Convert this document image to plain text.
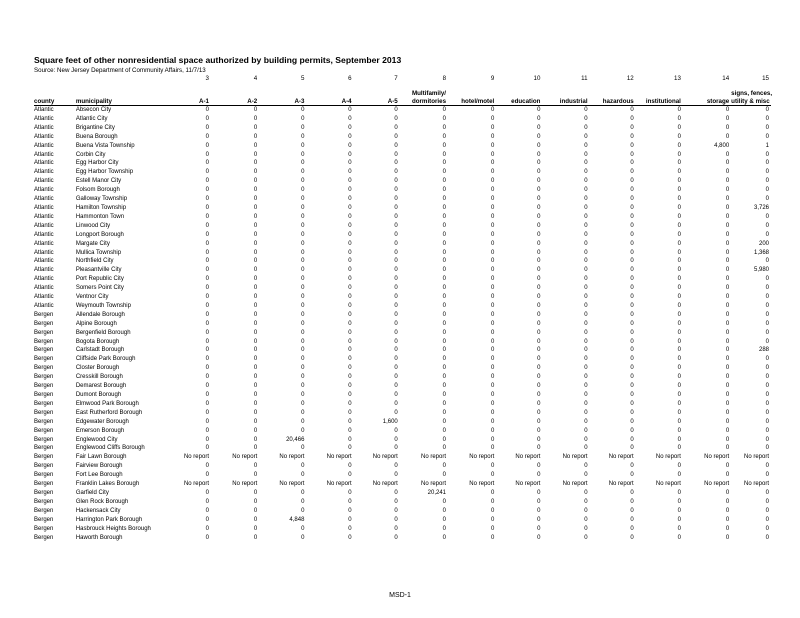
Square feet of other nonresidential space authorized by building permits, September 2013
Source: New Jersey Department of Community Affairs, 11/7/13
		3	4	5	6	7	8	9	10	11	12	13	14	15
							Multifamily/							signs, fences,
county	municipality	A-1	A-2	A-3	A-4	A-5	dormitories	hotel/motel	education	industrial	hazardous	institutional	storage	utility & misc
Atlantic	Absecon City	0	0	0	0	0	0	0	0	0	0	0	0	0
Atlantic	Atlantic City	0	0	0	0	0	0	0	0	0	0	0	0	0
Atlantic	Brigantine City	0	0	0	0	0	0	0	0	0	0	0	0	0
Atlantic	Buena Borough	0	0	0	0	0	0	0	0	0	0	0	0	0
Atlantic	Buena Vista Township	0	0	0	0	0	0	0	0	0	0	0	4,800	1
Atlantic	Corbin City	0	0	0	0	0	0	0	0	0	0	0	0	0
Atlantic	Egg Harbor City	0	0	0	0	0	0	0	0	0	0	0	0	0
Atlantic	Egg Harbor Township	0	0	0	0	0	0	0	0	0	0	0	0	0
Atlantic	Estell Manor City	0	0	0	0	0	0	0	0	0	0	0	0	0
Atlantic	Folsom Borough	0	0	0	0	0	0	0	0	0	0	0	0	0
Atlantic	Galloway Township	0	0	0	0	0	0	0	0	0	0	0	0	0
Atlantic	Hamilton Township	0	0	0	0	0	0	0	0	0	0	0	0	3,726
Atlantic	Hammonton Town	0	0	0	0	0	0	0	0	0	0	0	0	0
Atlantic	Linwood City	0	0	0	0	0	0	0	0	0	0	0	0	0
Atlantic	Longport Borough	0	0	0	0	0	0	0	0	0	0	0	0	0
Atlantic	Margate City	0	0	0	0	0	0	0	0	0	0	0	0	200
Atlantic	Mullica Township	0	0	0	0	0	0	0	0	0	0	0	0	1,368
Atlantic	Northfield City	0	0	0	0	0	0	0	0	0	0	0	0	0
Atlantic	Pleasantville City	0	0	0	0	0	0	0	0	0	0	0	0	5,980
Atlantic	Port Republic City	0	0	0	0	0	0	0	0	0	0	0	0	0
Atlantic	Somers Point City	0	0	0	0	0	0	0	0	0	0	0	0	0
Atlantic	Ventnor City	0	0	0	0	0	0	0	0	0	0	0	0	0
Atlantic	Weymouth Township	0	0	0	0	0	0	0	0	0	0	0	0	0
Bergen	Allendale Borough	0	0	0	0	0	0	0	0	0	0	0	0	0
Bergen	Alpine Borough	0	0	0	0	0	0	0	0	0	0	0	0	0
Bergen	Bergenfield Borough	0	0	0	0	0	0	0	0	0	0	0	0	0
Bergen	Bogota Borough	0	0	0	0	0	0	0	0	0	0	0	0	0
Bergen	Carlstadt Borough	0	0	0	0	0	0	0	0	0	0	0	0	288
Bergen	Cliffside Park Borough	0	0	0	0	0	0	0	0	0	0	0	0	0
Bergen	Closter Borough	0	0	0	0	0	0	0	0	0	0	0	0	0
Bergen	Cresskill Borough	0	0	0	0	0	0	0	0	0	0	0	0	0
Bergen	Demarest Borough	0	0	0	0	0	0	0	0	0	0	0	0	0
Bergen	Dumont Borough	0	0	0	0	0	0	0	0	0	0	0	0	0
Bergen	Elmwood Park Borough	0	0	0	0	0	0	0	0	0	0	0	0	0
Bergen	East Rutherford Borough	0	0	0	0	0	0	0	0	0	0	0	0	0
Bergen	Edgewater Borough	0	0	0	0	1,600	0	0	0	0	0	0	0	0
Bergen	Emerson Borough	0	0	0	0	0	0	0	0	0	0	0	0	0
Bergen	Englewood City	0	0	20,466	0	0	0	0	0	0	0	0	0	0
Bergen	Englewood Cliffs Borough	0	0	0	0	0	0	0	0	0	0	0	0	0
Bergen	Fair Lawn Borough	No report	No report	No report	No report	No report	No report	No report	No report	No report	No report	No report	No report	No report
Bergen	Fairview Borough	0	0	0	0	0	0	0	0	0	0	0	0	0
Bergen	Fort Lee Borough	0	0	0	0	0	0	0	0	0	0	0	0	0
Bergen	Franklin Lakes Borough	No report	No report	No report	No report	No report	No report	No report	No report	No report	No report	No report	No report	No report
Bergen	Garfield City	0	0	0	0	0	20,241	0	0	0	0	0	0	0
Bergen	Glen Rock Borough	0	0	0	0	0	0	0	0	0	0	0	0	0
Bergen	Hackensack City	0	0	0	0	0	0	0	0	0	0	0	0	0
Bergen	Harrington Park Borough	0	0	4,848	0	0	0	0	0	0	0	0	0	0
Bergen	Hasbrouck Heights Borough	0	0	0	0	0	0	0	0	0	0	0	0	0
Bergen	Haworth Borough	0	0	0	0	0	0	0	0	0	0	0	0	0
MSD-1
